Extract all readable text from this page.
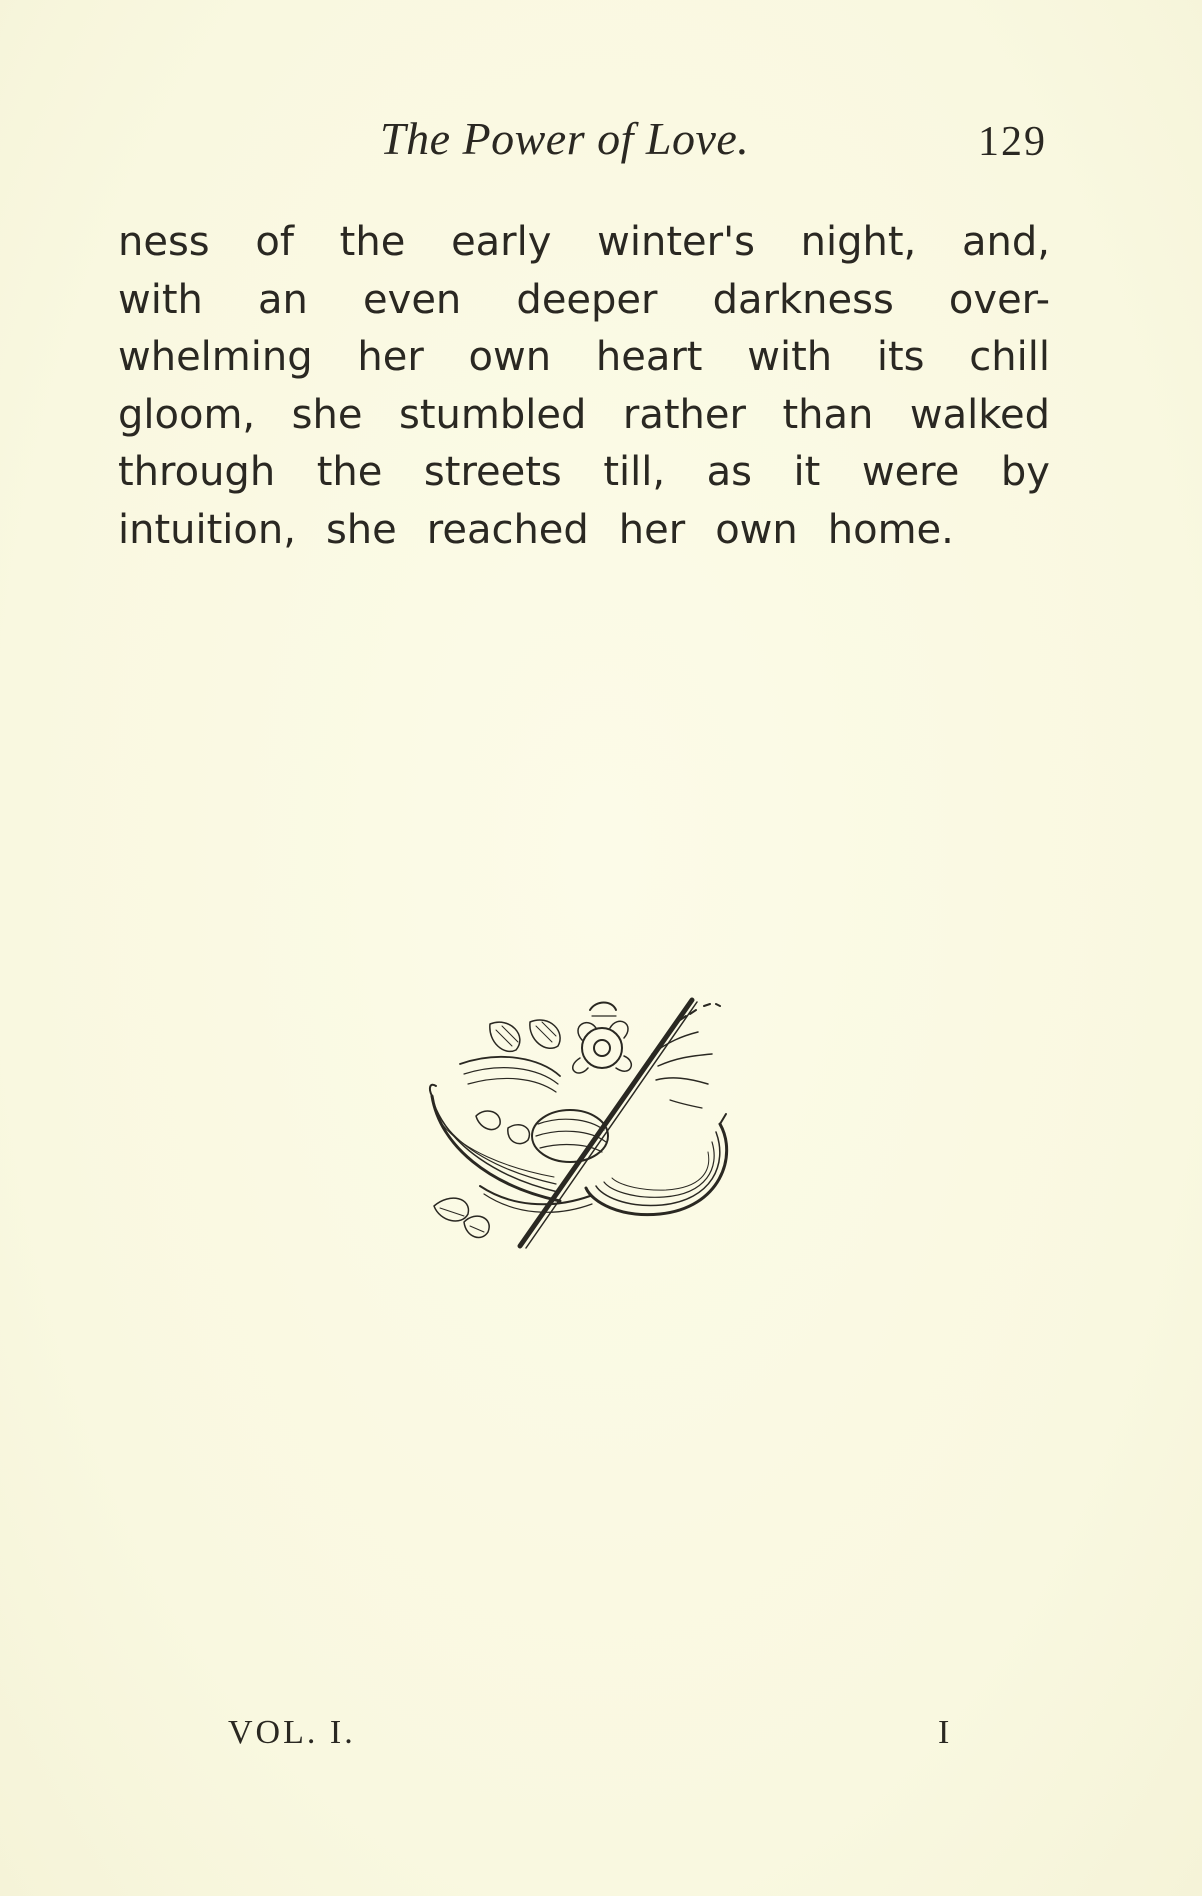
The Power of Love.	129
ness of the early winter's night, and,
with an even deeper darkness over-
whelming her own heart with its chill
gloom, she stumbled rather than walked
through the streets till, as it were by
intuition, she reached her own home.
VOL. I.	I
